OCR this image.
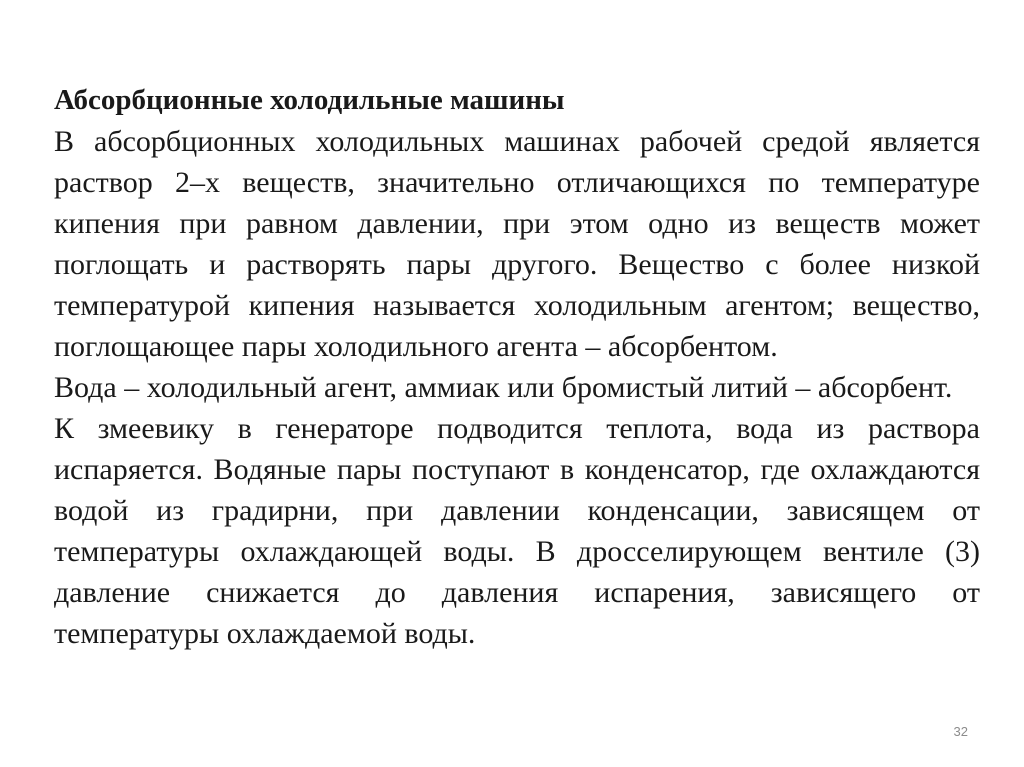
Абсорбционные холодильные машины

В абсорбционных холодильных машинах рабочей средой является раствор 2–х веществ, значительно отличающихся по температуре кипения при равном давлении, при этом одно из веществ может поглощать и растворять пары другого. Вещество с более низкой температурой кипения называется холодильным агентом; вещество, поглощающее пары холодильного агента – абсорбентом.

Вода – холодильный агент, аммиак или бромистый литий – абсорбент.

К змеевику в генераторе подводится теплота, вода из раствора испаряется. Водяные пары поступают в конденсатор, где охлаждаются водой из градирни, при давлении конденсации, зависящем от температуры охлаждающей воды. В дросселирующем вентиле (3) давление снижается до давления испарения, зависящего от температуры охлаждаемой воды.

32
